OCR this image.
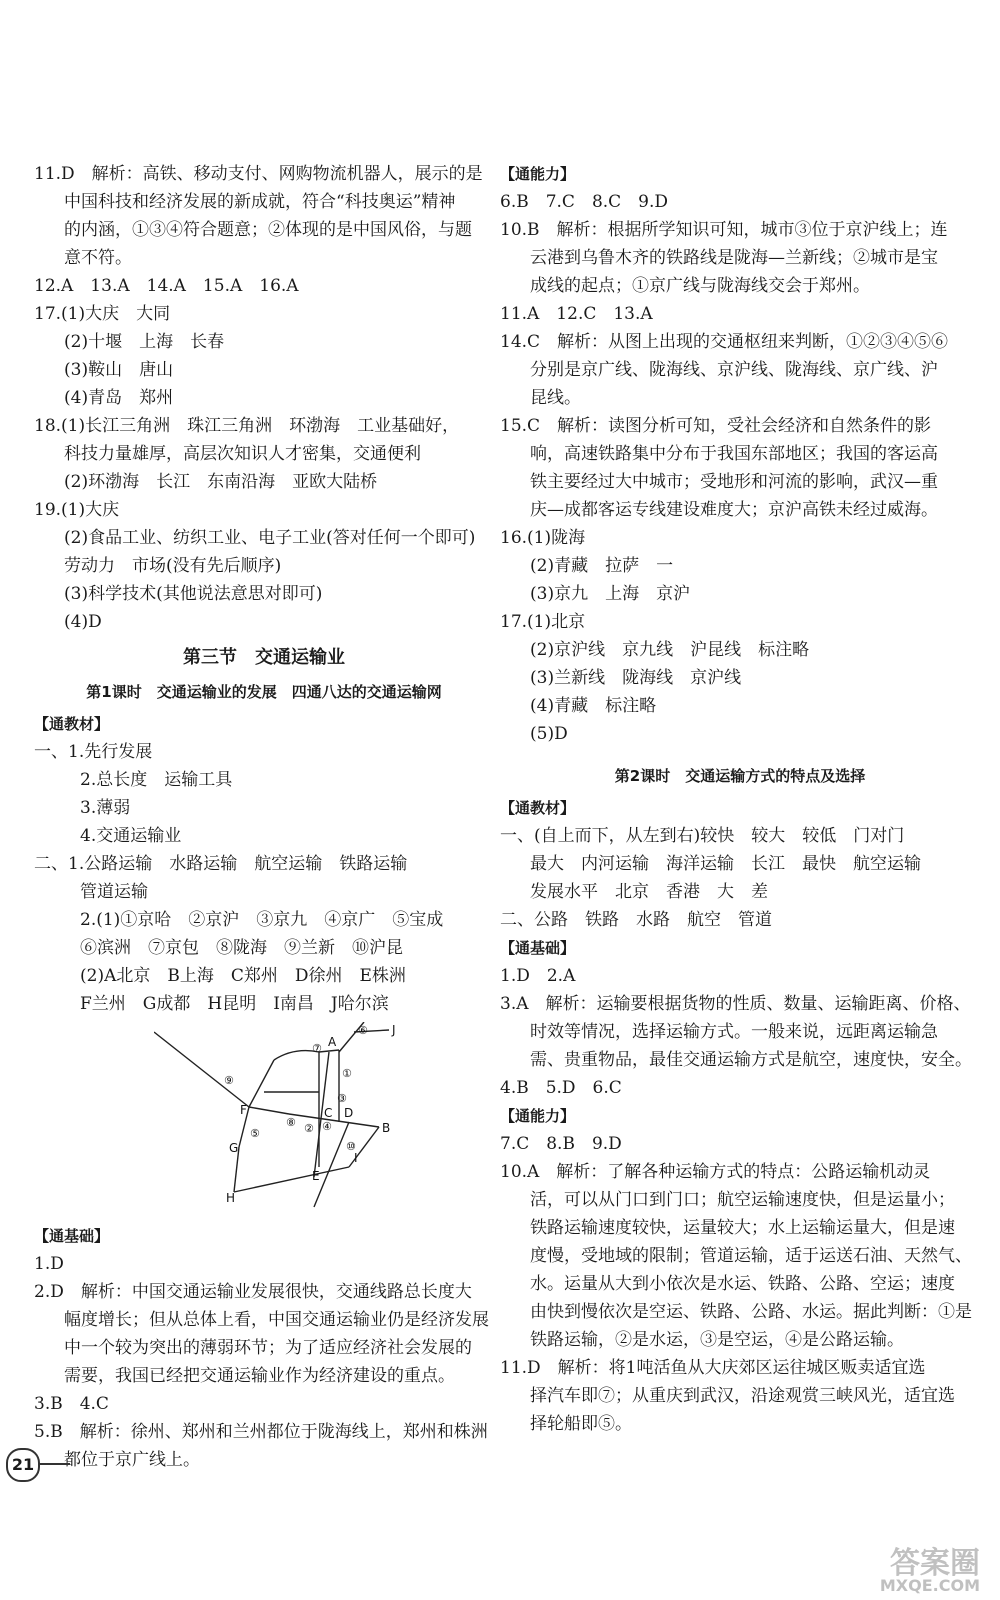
11.D　解析：高铁、移动支付、网购物流机器人，展示的是
中国科技和经济发展的新成就，符合“科技奥运”精神
的内涵，①③④符合题意；②体现的是中国风俗，与题
意不符。
12.A　13.A　14.A　15.A　16.A
17.(1)大庆　大同
(2)十堰　上海　长春
(3)鞍山　唐山
(4)青岛　郑州
18.(1)长江三角洲　珠江三角洲　环渤海　工业基础好，
科技力量雄厚，高层次知识人才密集，交通便利
(2)环渤海　长江　东南沿海　亚欧大陆桥
19.(1)大庆
(2)食品工业、纺织工业、电子工业(答对任何一个即可)
劳动力　市场(没有先后顺序)
(3)科学技术(其他说法意思对即可)
(4)D
第三节　交通运输业
第1课时　交通运输业的发展　四通八达的交通运输网
【通教材】
一、1.先行发展
2.总长度　运输工具
3.薄弱
4.交通运输业
二、1.公路运输　水路运输　航空运输　铁路运输
管道运输
2.(1)①京哈　②京沪　③京九　④京广　⑤宝成
⑥滨洲　⑦京包　⑧陇海　⑨兰新　⑩沪昆
(2)A北京　B上海　C郑州　D徐州　E株洲
F兰州　G成都　H昆明　I南昌　J哈尔滨
A
B
C D
E
F
G
H
I
J
①
②
③
④
⑤
⑥
⑦
⑧
⑨
⑩
【通基础】
1.D
2.D　解析：中国交通运输业发展很快，交通线路总长度大
幅度增长；但从总体上看，中国交通运输业仍是经济发展
中一个较为突出的薄弱环节；为了适应经济社会发展的
需要，我国已经把交通运输业作为经济建设的重点。
3.B　4.C
5.B　解析：徐州、郑州和兰州都位于陇海线上，郑州和株洲
都位于京广线上。
【通能力】
6.B　7.C　8.C　9.D
10.B　解析：根据所学知识可知，城市③位于京沪线上；连
云港到乌鲁木齐的铁路线是陇海—兰新线；②城市是宝
成线的起点；①京广线与陇海线交会于郑州。
11.A　12.C　13.A
14.C　解析：从图上出现的交通枢纽来判断，①②③④⑤⑥
分别是京广线、陇海线、京沪线、陇海线、京广线、沪
昆线。
15.C　解析：读图分析可知，受社会经济和自然条件的影
响，高速铁路集中分布于我国东部地区；我国的客运高
铁主要经过大中城市；受地形和河流的影响，武汉—重
庆—成都客运专线建设难度大；京沪高铁未经过威海。
16.(1)陇海
(2)青藏　拉萨　一
(3)京九　上海　京沪
17.(1)北京
(2)京沪线　京九线　沪昆线　标注略
(3)兰新线　陇海线　京沪线
(4)青藏　标注略
(5)D
第2课时　交通运输方式的特点及选择
【通教材】
一、(自上而下，从左到右)较快　较大　较低　门对门
最大　内河运输　海洋运输　长江　最快　航空运输
发展水平　北京　香港　大　差
二、公路　铁路　水路　航空　管道
【通基础】
1.D　2.A
3.A　解析：运输要根据货物的性质、数量、运输距离、价格、
时效等情况，选择运输方式。一般来说，远距离运输急
需、贵重物品，最佳交通运输方式是航空，速度快，安全。
4.B　5.D　6.C
【通能力】
7.C　8.B　9.D
10.A　解析：了解各种运输方式的特点：公路运输机动灵
活，可以从门口到门口；航空运输速度快，但是运量小；
铁路运输速度较快，运量较大；水上运输运量大，但是速
度慢，受地域的限制；管道运输，适于运送石油、天然气、
水。运量从大到小依次是水运、铁路、公路、空运；速度
由快到慢依次是空运、铁路、公路、水运。据此判断：①是
铁路运输，②是水运，③是空运，④是公路运输。
11.D　解析：将1吨活鱼从大庆郊区运往城区贩卖适宜选
择汽车即⑦；从重庆到武汉，沿途观赏三峡风光，适宜选
择轮船即⑤。
21
答案圈
MXQE.COM
